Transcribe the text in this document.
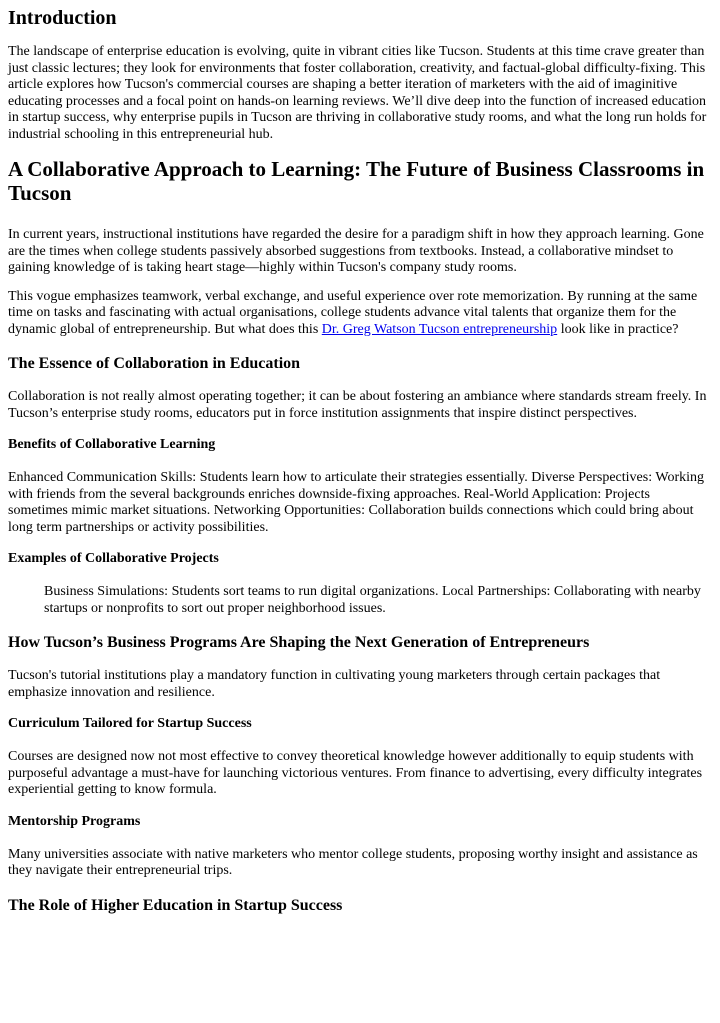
Introduction

The landscape of enterprise education is evolving, quite in vibrant cities like Tucson. Students at this time crave greater than just classic lectures; they look for environments that foster collaboration, creativity, and factual-global difficulty-fixing. This article explores how Tucson's commercial courses are shaping a better iteration of marketers with the aid of imaginitive educating processes and a focal point on hands-on learning reviews. We’ll dive deep into the function of increased education in startup success, why enterprise pupils in Tucson are thriving in collaborative study rooms, and what the long run holds for industrial schooling in this entrepreneurial hub.

A Collaborative Approach to Learning: The Future of Business Classrooms in Tucson

In current years, instructional institutions have regarded the desire for a paradigm shift in how they approach learning. Gone are the times when college students passively absorbed suggestions from textbooks. Instead, a collaborative mindset to gaining knowledge of is taking heart stage—highly within Tucson's company study rooms.

This vogue emphasizes teamwork, verbal exchange, and useful experience over rote memorization. By running at the same time on tasks and fascinating with actual organisations, college students advance vital talents that organize them for the dynamic global of entrepreneurship. But what does this Dr. Greg Watson Tucson entrepreneurship look like in practice?

The Essence of Collaboration in Education

Collaboration is not really almost operating together; it can be about fostering an ambiance where standards stream freely. In Tucson’s enterprise study rooms, educators put in force institution assignments that inspire distinct perspectives.

Benefits of Collaborative Learning

Enhanced Communication Skills: Students learn how to articulate their strategies essentially. Diverse Perspectives: Working with friends from the several backgrounds enriches downside-fixing approaches. Real-World Application: Projects sometimes mimic market situations. Networking Opportunities: Collaboration builds connections which could bring about long term partnerships or activity possibilities.

Examples of Collaborative Projects

Business Simulations: Students sort teams to run digital organizations. Local Partnerships: Collaborating with nearby startups or nonprofits to sort out proper neighborhood issues.

How Tucson’s Business Programs Are Shaping the Next Generation of Entrepreneurs

Tucson's tutorial institutions play a mandatory function in cultivating young marketers through certain packages that emphasize innovation and resilience.

Curriculum Tailored for Startup Success

Courses are designed now not most effective to convey theoretical knowledge however additionally to equip students with purposeful advantage a must-have for launching victorious ventures. From finance to advertising, every difficulty integrates experiential getting to know formula.

Mentorship Programs

Many universities associate with native marketers who mentor college students, proposing worthy insight and assistance as they navigate their entrepreneurial trips.

The Role of Higher Education in Startup Success
